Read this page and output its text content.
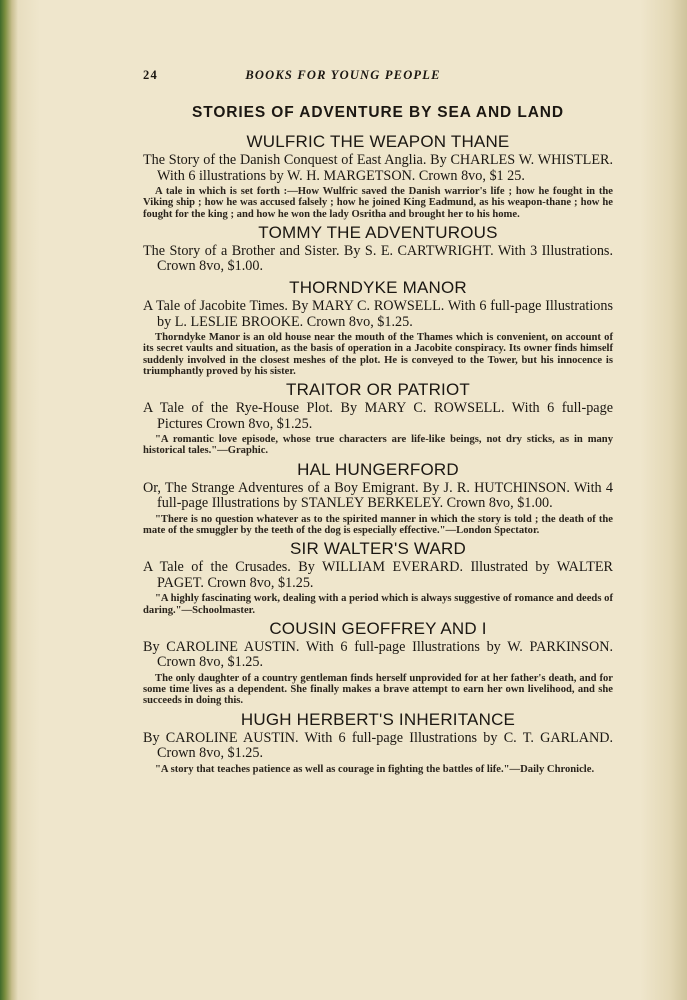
24	BOOKS FOR YOUNG PEOPLE
STORIES OF ADVENTURE BY SEA AND LAND
WULFRIC THE WEAPON THANE

The Story of the Danish Conquest of East Anglia. By CHARLES W. WHISTLER. With 6 illustrations by W. H. MARGETSON. Crown 8vo, $1 25.

A tale in which is set forth :—How Wulfric saved the Danish warrior's life ; how he fought in the Viking ship ; how he was accused falsely ; how he joined King Eadmund, as his weapon-thane ; how he fought for the king ; and how he won the lady Osritha and brought her to his home.

TOMMY THE ADVENTUROUS

The Story of a Brother and Sister. By S. E. CARTWRIGHT. With 3 Illustrations. Crown 8vo, $1.00.

THORNDYKE MANOR

A Tale of Jacobite Times. By MARY C. ROWSELL. With 6 full-page Illustrations by L. LESLIE BROOKE. Crown 8vo, $1.25.

Thorndyke Manor is an old house near the mouth of the Thames which is convenient, on account of its secret vaults and situation, as the basis of operation in a Jacobite conspiracy. Its owner finds himself suddenly involved in the closest meshes of the plot. He is conveyed to the Tower, but his innocence is triumphantly proved by his sister.

TRAITOR OR PATRIOT

A Tale of the Rye-House Plot. By MARY C. ROWSELL. With 6 full-page Pictures Crown 8vo, $1.25.

"A romantic love episode, whose true characters are life-like beings, not dry sticks, as in many historical tales."—Graphic.

HAL HUNGERFORD

Or, The Strange Adventures of a Boy Emigrant. By J. R. HUTCHINSON. With 4 full-page Illustrations by STANLEY BERKELEY. Crown 8vo, $1.00.

"There is no question whatever as to the spirited manner in which the story is told ; the death of the mate of the smuggler by the teeth of the dog is especially effective."—London Spectator.

SIR WALTER'S WARD

A Tale of the Crusades. By WILLIAM EVERARD. Illustrated by WALTER PAGET. Crown 8vo, $1.25.

"A highly fascinating work, dealing with a period which is always suggestive of romance and deeds of daring."—Schoolmaster.

COUSIN GEOFFREY AND I

By CAROLINE AUSTIN. With 6 full-page Illustrations by W. PARKINSON. Crown 8vo, $1.25.

The only daughter of a country gentleman finds herself unprovided for at her father's death, and for some time lives as a dependent. She finally makes a brave attempt to earn her own livelihood, and she succeeds in doing this.

HUGH HERBERT'S INHERITANCE

By CAROLINE AUSTIN. With 6 full-page Illustrations by C. T. GARLAND. Crown 8vo, $1.25.

"A story that teaches patience as well as courage in fighting the battles of life."—Daily Chronicle.
